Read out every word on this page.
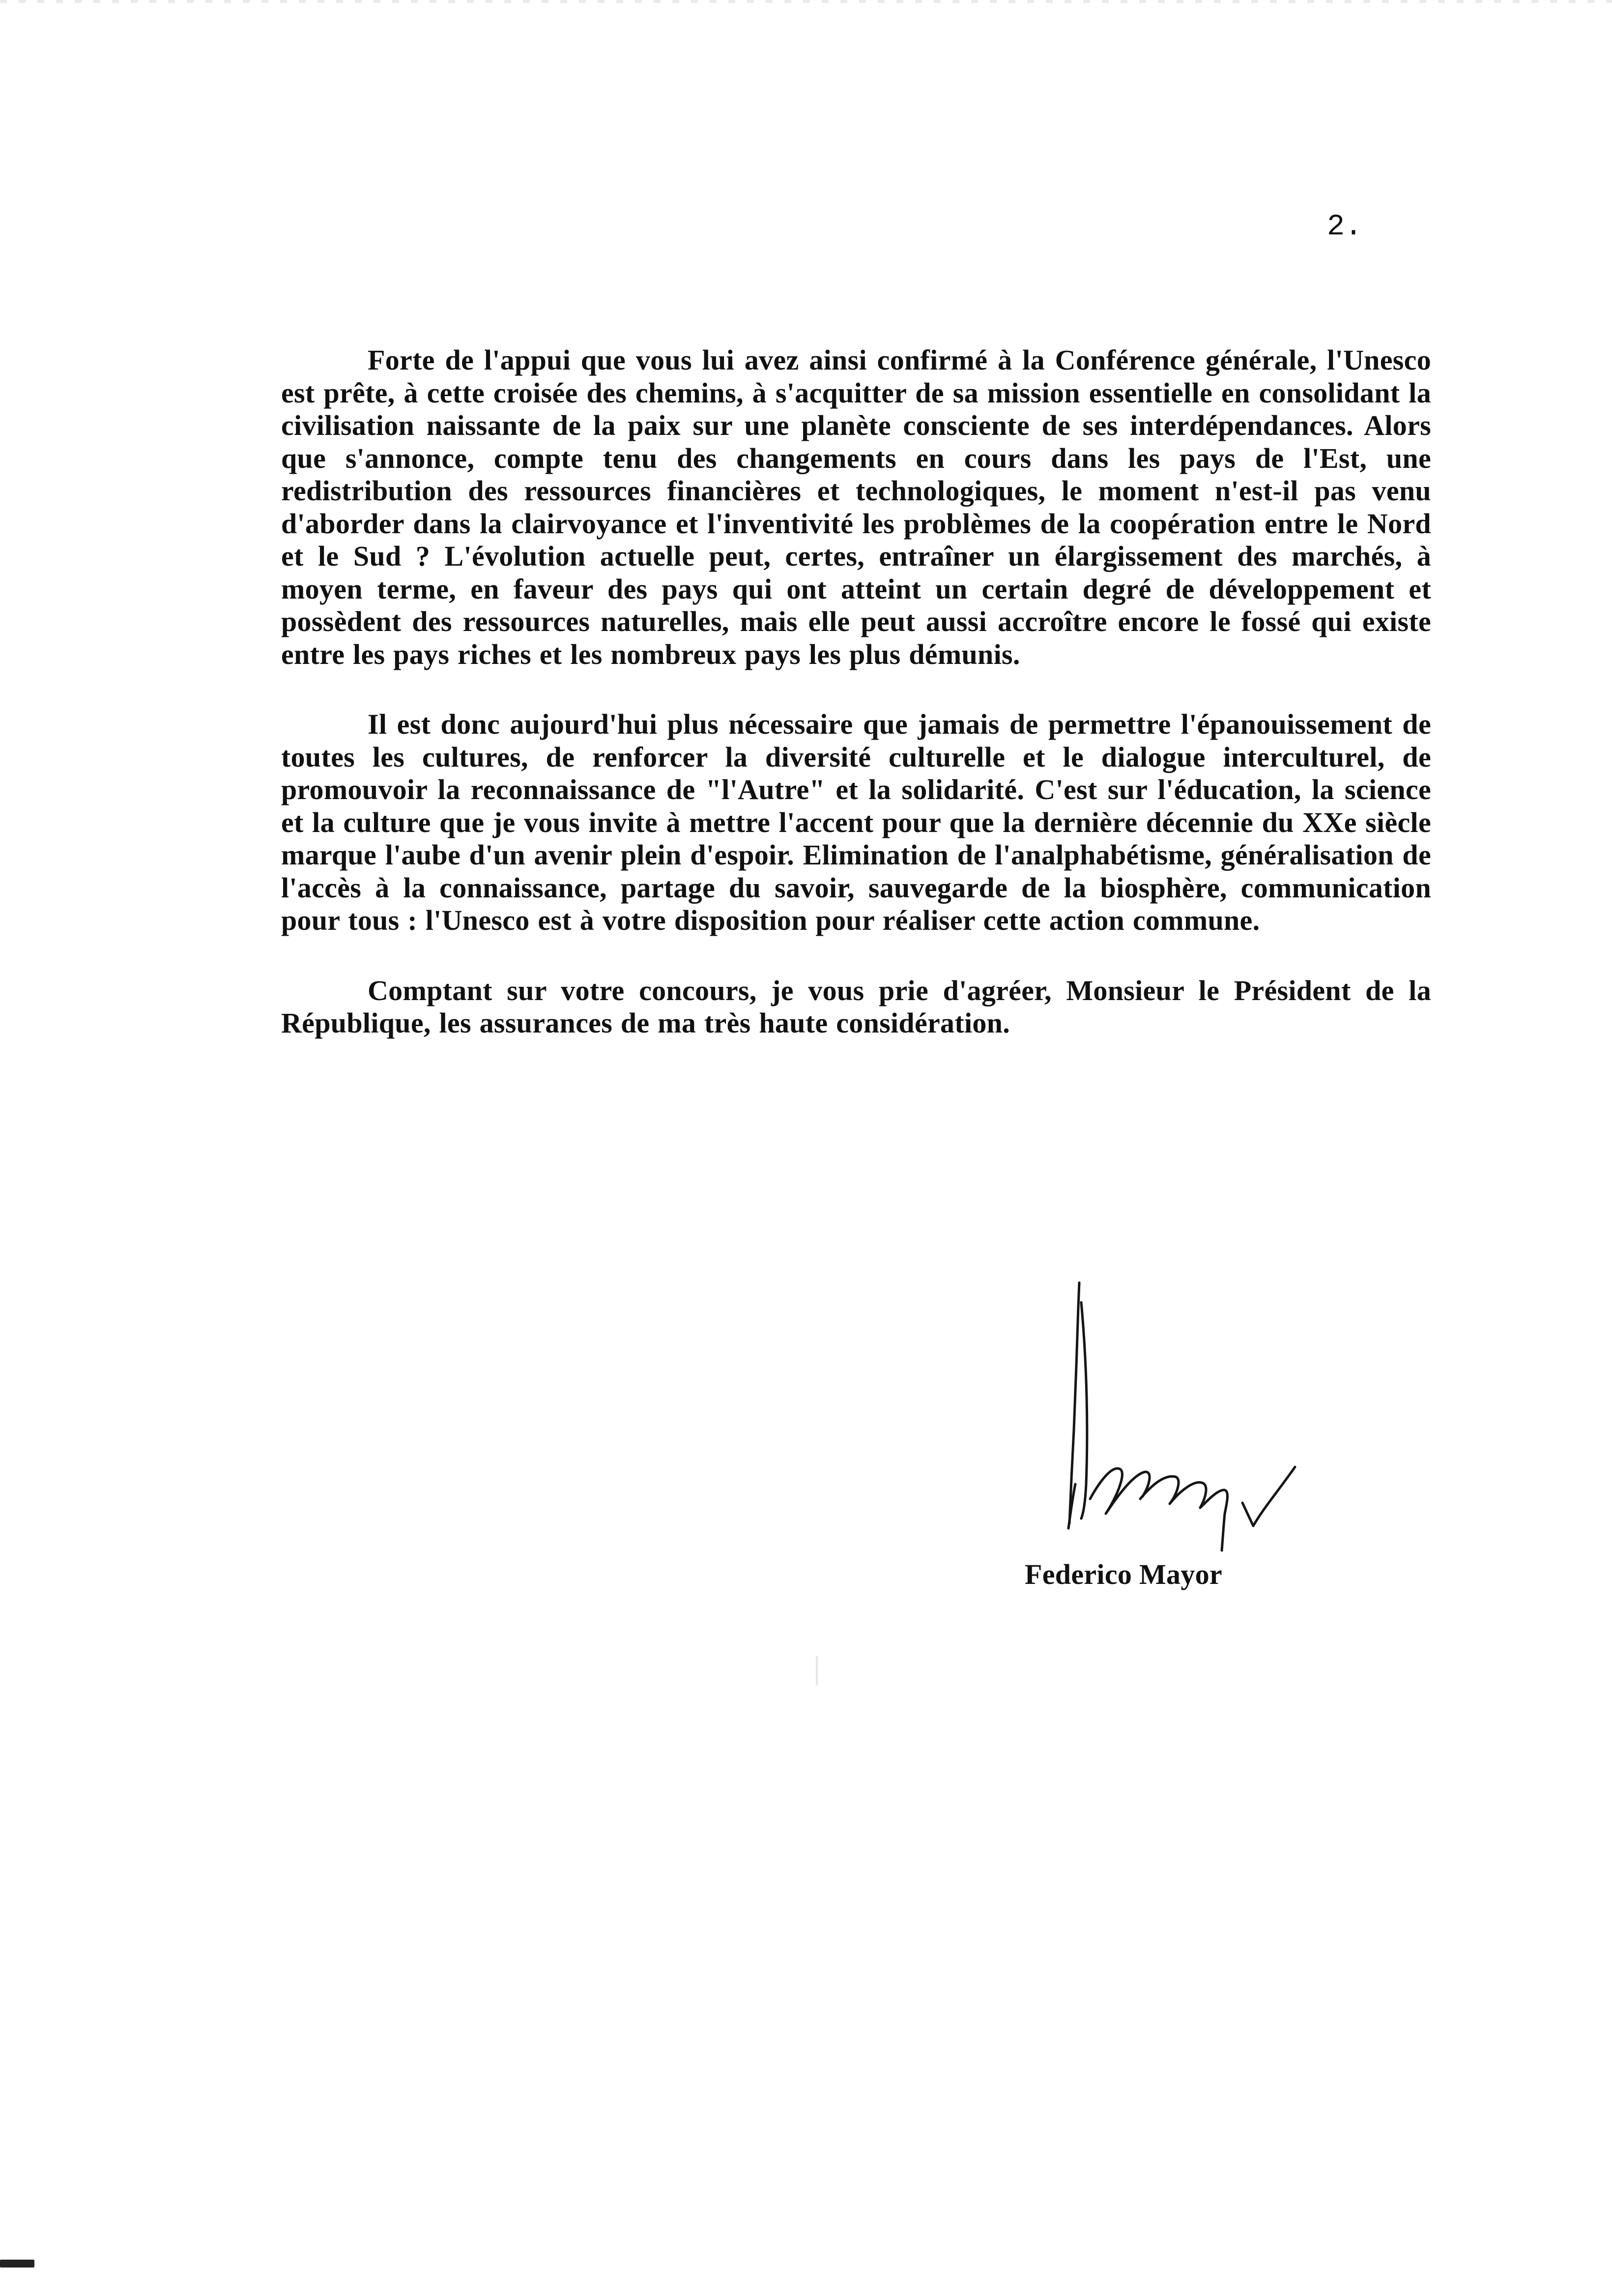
2.

Forte de l'appui que vous lui avez ainsi confirmé à la Conférence générale, l'Unesco est prête, à cette croisée des chemins, à s'acquitter de sa mission essentielle en consolidant la civilisation naissante de la paix sur une planète consciente de ses interdépendances. Alors que s'annonce, compte tenu des changements en cours dans les pays de l'Est, une redistribution des ressources financières et technologiques, le moment n'est-il pas venu d'aborder dans la clairvoyance et l'inventivité les problèmes de la coopération entre le Nord et le Sud ? L'évolution actuelle peut, certes, entraîner un élargissement des marchés, à moyen terme, en faveur des pays qui ont atteint un certain degré de développement et possèdent des ressources naturelles, mais elle peut aussi accroître encore le fossé qui existe entre les pays riches et les nombreux pays les plus démunis.

Il est donc aujourd'hui plus nécessaire que jamais de permettre l'épanouissement de toutes les cultures, de renforcer la diversité culturelle et le dialogue interculturel, de promouvoir la reconnaissance de "l'Autre" et la solidarité. C'est sur l'éducation, la science et la culture que je vous invite à mettre l'accent pour que la dernière décennie du XXe siècle marque l'aube d'un avenir plein d'espoir. Elimination de l'analphabétisme, généralisation de l'accès à la connaissance, partage du savoir, sauvegarde de la biosphère, communication pour tous : l'Unesco est à votre disposition pour réaliser cette action commune.

Comptant sur votre concours, je vous prie d'agréer, Monsieur le Président de la République, les assurances de ma très haute considération.

Federico Mayor
